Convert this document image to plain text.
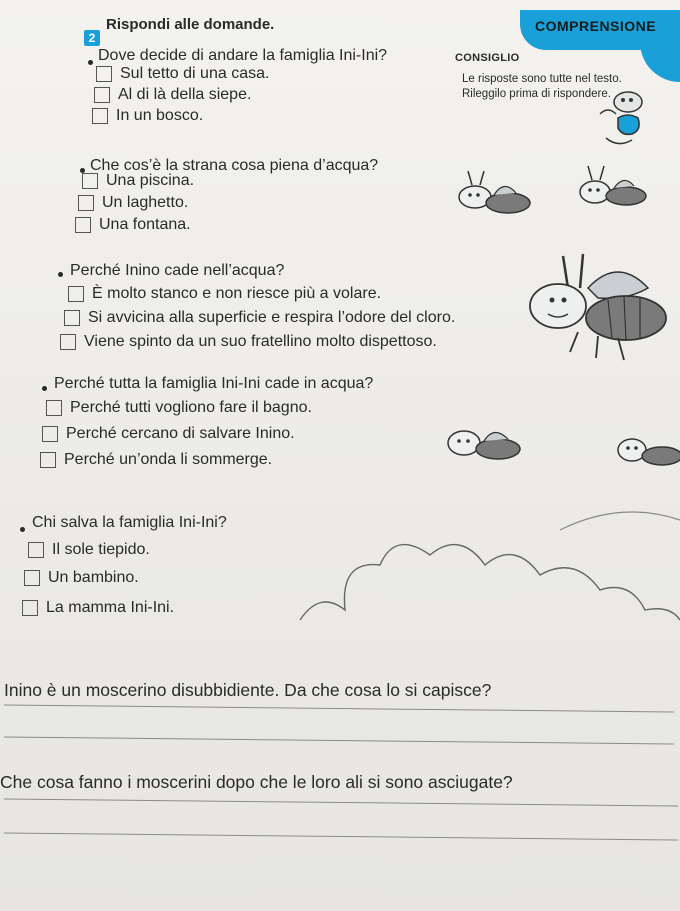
COMPRENSIONE
2
Rispondi alle domande.
CONSIGLIO
Le risposte sono tutte nel testo. Rileggilo prima di rispondere.
Dove decide di andare la famiglia Ini-Ini?
Sul tetto di una casa.
Al di là della siepe.
In un bosco.
Che cos’è la strana cosa piena d’acqua?
Una piscina.
Un laghetto.
Una fontana.
Perché Inino cade nell’acqua?
È molto stanco e non riesce più a volare.
Si avvicina alla superficie e respira l’odore del cloro.
Viene spinto da un suo fratellino molto dispettoso.
Perché tutta la famiglia Ini-Ini cade in acqua?
Perché tutti vogliono fare il bagno.
Perché cercano di salvare Inino.
Perché un’onda li sommerge.
Chi salva la famiglia Ini-Ini?
Il sole tiepido.
Un bambino.
La mamma Ini-Ini.
Inino è un moscerino disubbidiente. Da che cosa lo si capisce?
Che cosa fanno i moscerini dopo che le loro ali si sono asciugate?
